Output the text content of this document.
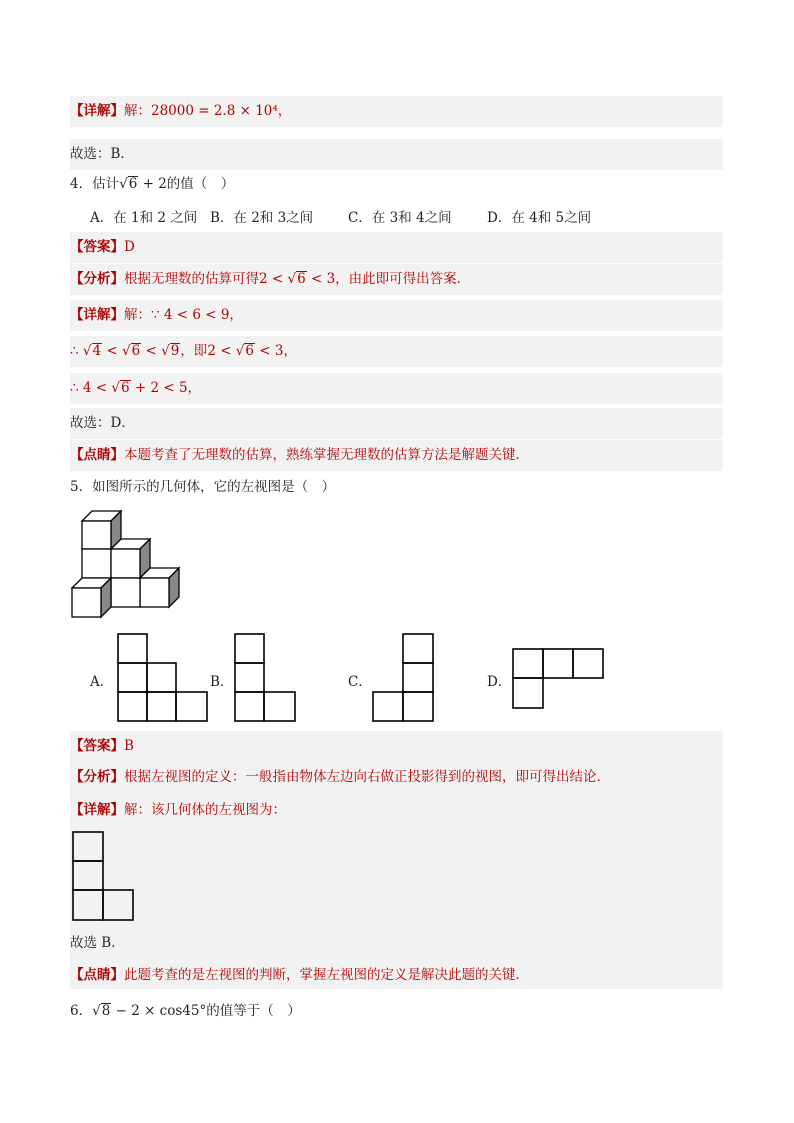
【详解】解：28000 = 2.8 × 10⁴，
故选：B．
4．估计√6 + 2的值（　）
A．在 1和 2 之间 B．在 2和 3之间	C．在 3和 4之间	D．在 4和 5之间
【答案】D
【分析】根据无理数的估算可得2 < √6 < 3，由此即可得出答案．
【详解】解：∵ 4 < 6 < 9，
∴ √4 < √6 < √9，即2 < √6 < 3，
∴ 4 < √6 + 2 < 5，
故选：D．
【点睛】本题考查了无理数的估算，熟练掌握无理数的估算方法是解题关键．
5．如图所示的几何体，它的左视图是（　）
A．	B．	C．	D．
【答案】B
【分析】根据左视图的定义：一般指由物体左边向右做正投影得到的视图，即可得出结论．
【详解】解：该几何体的左视图为：
故选 B．
【点睛】此题考查的是左视图的判断，掌握左视图的定义是解决此题的关键．
6．√8 − 2 × cos45°的值等于（　）
